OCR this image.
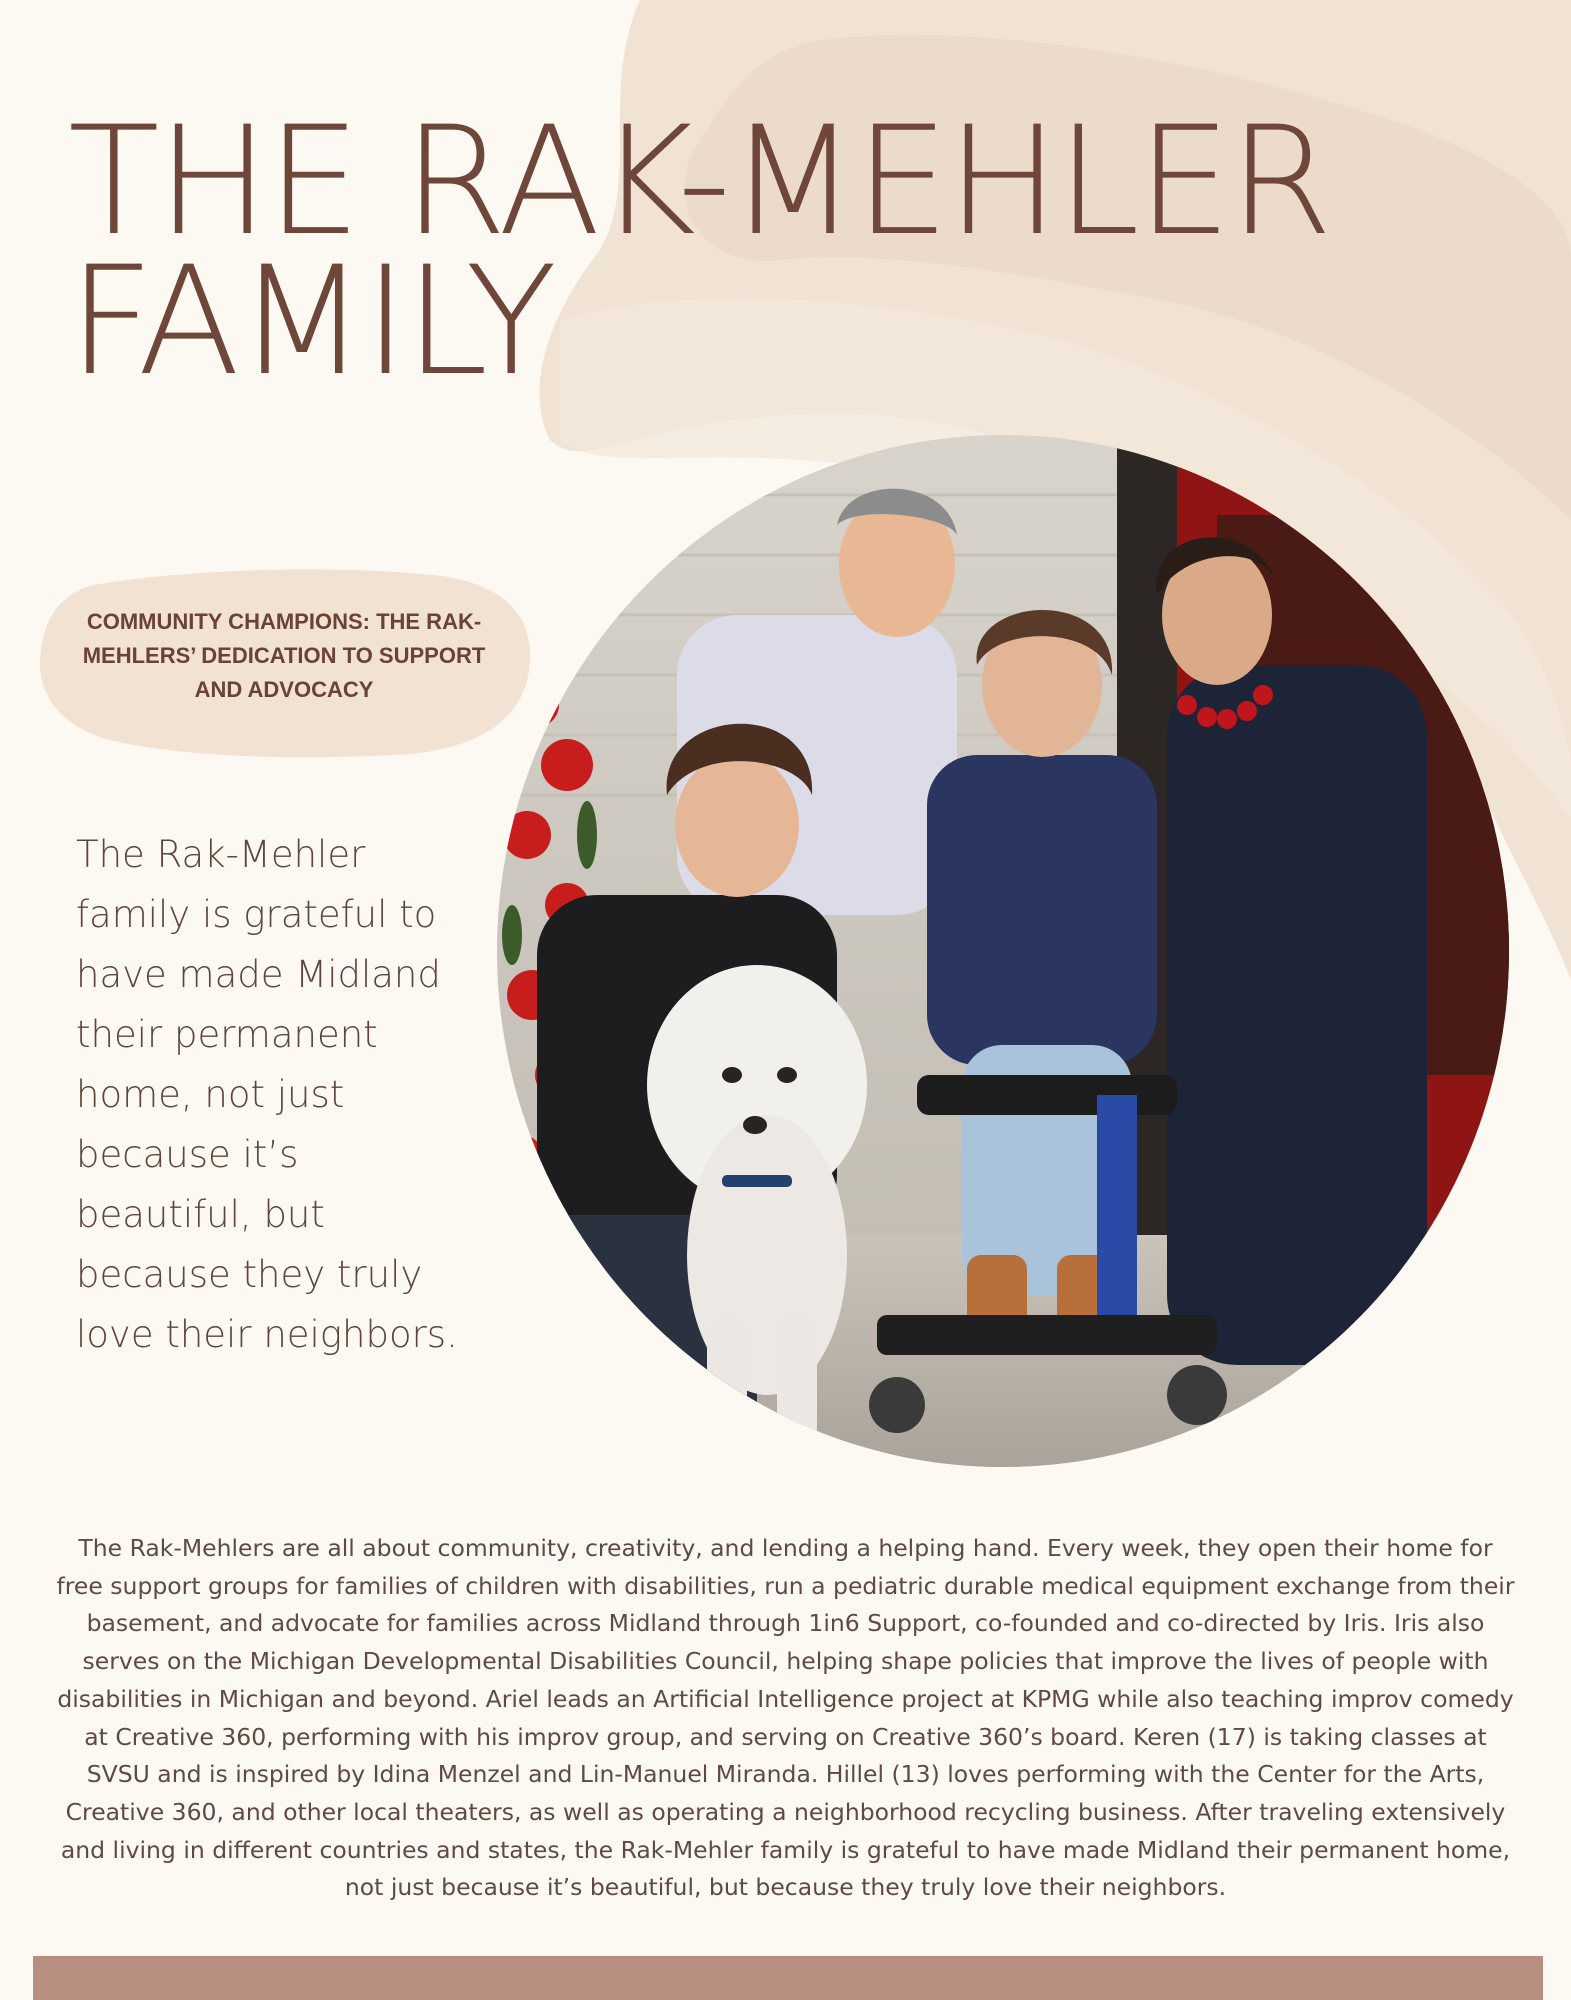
THE RAK-MEHLER
FAMILY
COMMUNITY CHAMPIONS: THE RAK-MEHLERS’ DEDICATION TO SUPPORT AND ADVOCACY

The Rak-Mehler family is grateful to have made Midland their permanent home, not just because it’s beautiful, but because they truly love their neighbors.

The Rak-Mehlers are all about community, creativity, and lending a helping hand. Every week, they open their home for free support groups for families of children with disabilities, run a pediatric durable medical equipment exchange from their basement, and advocate for families across Midland through 1in6 Support, co-founded and co-directed by Iris. Iris also serves on the Michigan Developmental Disabilities Council, helping shape policies that improve the lives of people with disabilities in Michigan and beyond. Ariel leads an Artificial Intelligence project at KPMG while also teaching improv comedy at Creative 360, performing with his improv group, and serving on Creative 360’s board. Keren (17) is taking classes at SVSU and is inspired by Idina Menzel and Lin-Manuel Miranda. Hillel (13) loves performing with the Center for the Arts, Creative 360, and other local theaters, as well as operating a neighborhood recycling business. After traveling extensively and living in different countries and states, the Rak-Mehler family is grateful to have made Midland their permanent home, not just because it’s beautiful, but because they truly love their neighbors.
